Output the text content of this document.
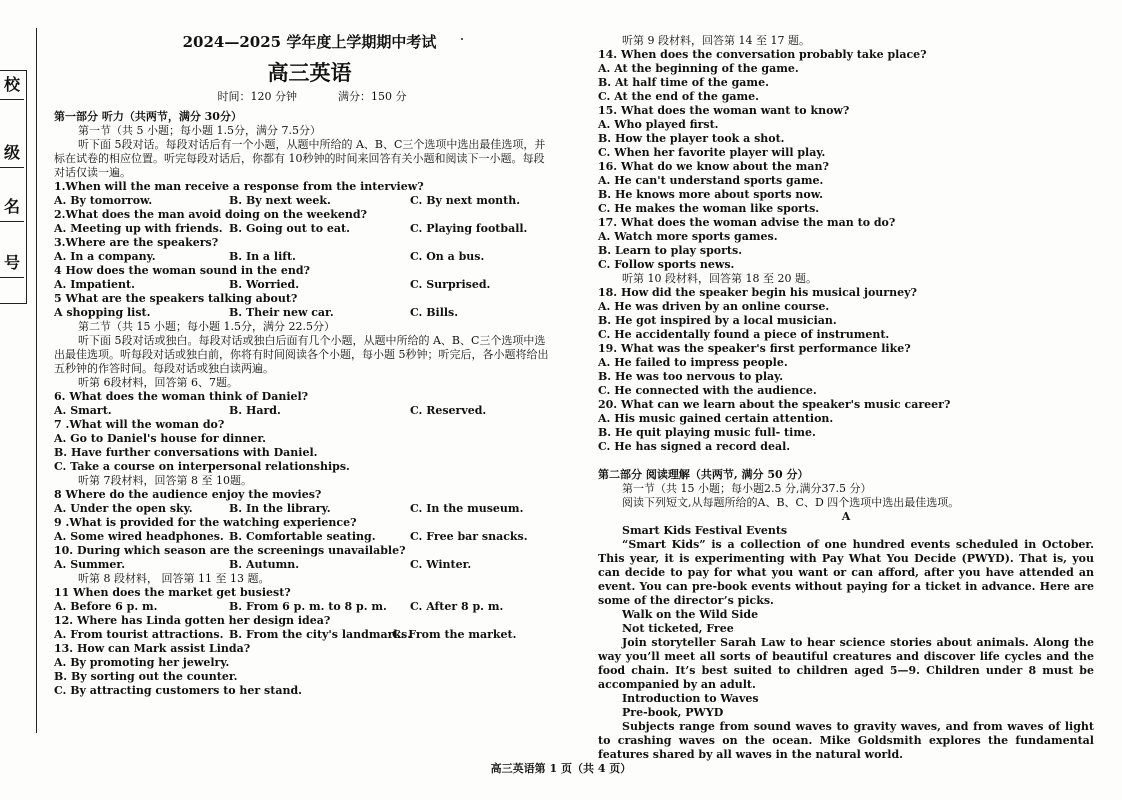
校
级
名
号
2024—2025 学年度上学期期中考试
高三英语
时间：120 分钟	满分：150 分
第一部分 听力（共两节，满分 30分）
第一节（共 5 小题；每小题 1.5分，满分 7.5分）
听下面 5段对话。每段对话后有一个小题，从题中所给的 A、B、C三个选项中选出最佳选项，并标在试卷的相应位置。听完每段对话后，你都有 10秒钟的时间来回答有关小题和阅读下一小题。每段对话仅读一遍。
1.When will the man receive a response from the interview?
A. By tomorrow.	B. By next week.	C. By next month.
2.What does the man avoid doing on the weekend?
A. Meeting up with friends. B. Going out to eat.	C. Playing football.
3.Where are the speakers?
A. In a company.	B. In a lift.	C. On a bus.
4 How does the woman sound in the end?
A. Impatient.	B. Worried.	C. Surprised.
5 What are the speakers talking about?
A shopping list.	B. Their new car.	C. Bills.
第二节（共 15 小题；每小题 1.5分，满分 22.5分）
听下面 5段对话或独白。每段对话或独白后面有几个小题，从题中所给的 A、B、C三个选项中选出最佳选项。听每段对话或独白前，你将有时间阅读各个小题，每小题 5秒钟；听完后，各小题将给出五秒钟的作答时间。每段对话或独白读两遍。
听第 6段材料，回答第 6、7题。
6. What does the woman think of Daniel?
A. Smart.	B. Hard.	C. Reserved.
7 .What will the woman do?
A. Go to Daniel's house for dinner.
B. Have further conversations with Daniel.
C. Take a course on interpersonal relationships.
听第 7段材料，回答第 8 至 10题。
8 Where do the audience enjoy the movies?
A. Under the open sky.	B. In the library.	C. In the museum.
9 .What is provided for the watching experience?
A. Some wired headphones. B. Comfortable seating.	C. Free bar snacks.
10. During which season are the screenings unavailable?
A. Summer.	B. Autumn.	C. Winter.
听第 8 段材料， 回答第 11 至 13 题。
11 When does the market get busiest?
A. Before 6 p. m.	B. From 6 p. m. to 8 p. m.	C. After 8 p. m.
12. Where has Linda gotten her design idea?
A. From tourist attractions. B. From the city's landmarks.
C. From the market.
13. How can Mark assist Linda?
A. By promoting her jewelry.
B. By sorting out the counter.
C. By attracting customers to her stand.
听第 9 段材料，回答第 14 至 17 题。
14. When does the conversation probably take place?
A. At the beginning of the game.
B. At half time of the game.
C. At the end of the game.
15. What does the woman want to know?
A. Who played first.
B. How the player took a shot.
C. When her favorite player will play.
16. What do we know about the man?
A. He can't understand sports game.
B. He knows more about sports now.
C. He makes the woman like sports.
17. What does the woman advise the man to do?
A. Watch more sports games.
B. Learn to play sports.
C. Follow sports news.
听第 10 段材料，回答第 18 至 20 题。
18. How did the speaker begin his musical journey?
A. He was driven by an online course.
B. He got inspired by a local musician.
C. He accidentally found a piece of instrument.
19. What was the speaker's first performance like?
A. He failed to impress people.
B. He was too nervous to play.
C. He connected with the audience.
20. What can we learn about the speaker's music career?
A. His music gained certain attention.
B. He quit playing music full- time.
C. He has signed a record deal.
第二部分 阅读理解（共两节, 满分 50 分）
第一节（共 15 小题；每小题2.5 分,满分37.5 分）
阅读下列短文,从每题所给的A、B、C、D 四个选项中选出最佳选项。
A
Smart Kids Festival Events
“Smart Kids” is a collection of one hundred events scheduled in October. This year, it is experimenting with Pay What You Decide (PWYD). That is, you can decide to pay for what you want or can afford, after you have attended an event. You can pre-book events without paying for a ticket in advance. Here are some of the director’s picks.
Walk on the Wild Side
Not ticketed, Free
Join storyteller Sarah Law to hear science stories about animals. Along the way you’ll meet all sorts of beautiful creatures and discover life cycles and the food chain. It’s best suited to children aged 5—9. Children under 8 must be accompanied by an adult.
Introduction to Waves
Pre-book, PWYD
Subjects range from sound waves to gravity waves, and from waves of light to crashing waves on the ocean. Mike Goldsmith explores the fundamental features shared by all waves in the natural world.
高三英语第 1 页（共 4 页）
